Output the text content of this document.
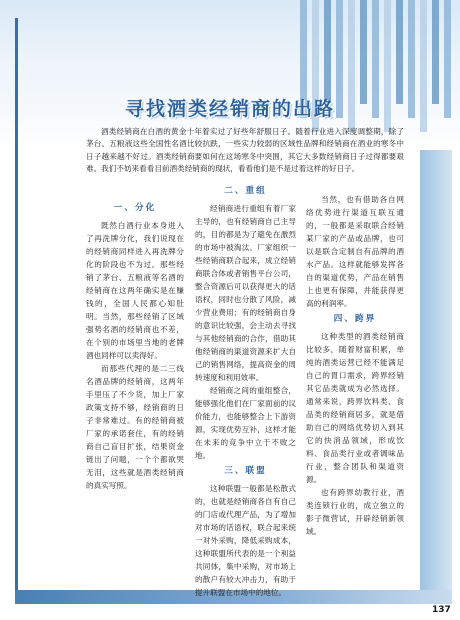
寻找酒类经销商的出路

酒类经销商在白酒的黄金十年着实过了好些年舒服日子。随着行业进入深度调整期，除了茅台、五粮液这些全国性名酒比较抗跌，一些实力较弱的区域性品牌和经销商在酒业的寒冬中日子越来越不好过。酒类经销商要如何在这场寒冬中突围，其它大多数经销商日子过得都要艰难。我们不妨来看看目前酒类经销商的现状，看看他们是不是过着这样的好日子。

一、分化

既然白酒行业本身进入了再洗牌分化，我们说现在的经销商同样进入再洗牌分化的阶段也不为过。那些经销了茅台、五粮液等名酒的经销商在这两年确实是在赚钱的，全国人民都心知肚明。当然，那些经销了区域强势名酒的经销商也不差，在个别的市场里当地的老牌酒也同样可以卖得好。

而那些代理的是二三线名酒品牌的经销商，这两年手里压了不少货，加上厂家政策支持不够，经销商的日子非常难过。有的经销商被厂家的承诺套住，有的经销商自己盲目扩张，结果资金链出了问题，一个个都欲哭无泪，这些就是酒类经销商的真实写照。

二、重组

经销商进行重组有着厂家主导的，也有经销商自己主导的，目的都是为了避免在激烈的市场中被淘汰。厂家组织一些经销商联合起来，成立经销商联合体或者销售平台公司，整合资源后可以获得更大的话语权，同时也分散了风险，减少营业费用；有的经销商自身的意识比较强，会主动去寻找与其他经销商的合作，借助其他经销商的渠道资源来扩大自己的销售网络，提高资金的周转速度和利用效率。

经销商之间的重组整合，能够强化他们在厂家面前的议价能力，也能够整合上下游资源，实现优势互补，这样才能在未来的竞争中立于不败之地。

三、联盟

这种联盟一般都是松散式的，也就是经销商各自有自己的门店或代理产品，为了增加对市场的话语权，联合起来统一对外采购，降低采购成本，这种联盟所代表的是一个利益共同体，集中采购，对市场上的散户有较大冲击力，有助于提升联盟在市场中的地位。

当然，也有借助各自网络优势进行渠道互联互通的，一般都是采取联合经销某厂家的产品或品牌，也可以是联合定制自有品牌的酒水产品。这样就能够发挥各自的渠道优势，产品在销售上也更有保障，并能获得更高的利润率。

四、跨界

这种类型的酒类经销商比较多，随着财富积累，单纯的酒类运营已经不能满足自己的胃口需求，跨界经销其它品类就成为必然选择。通常来说，跨界饮料类、食品类的经销商居多，就是借助自己的网络优势切入到其它的快消品领域，形成饮料、食品类行业或者调味品行业，整合团队和渠道资源。

也有跨界幼教行业，酒类连锁行业的，成立独立的影子微营试，开辟经销新领域。

137
